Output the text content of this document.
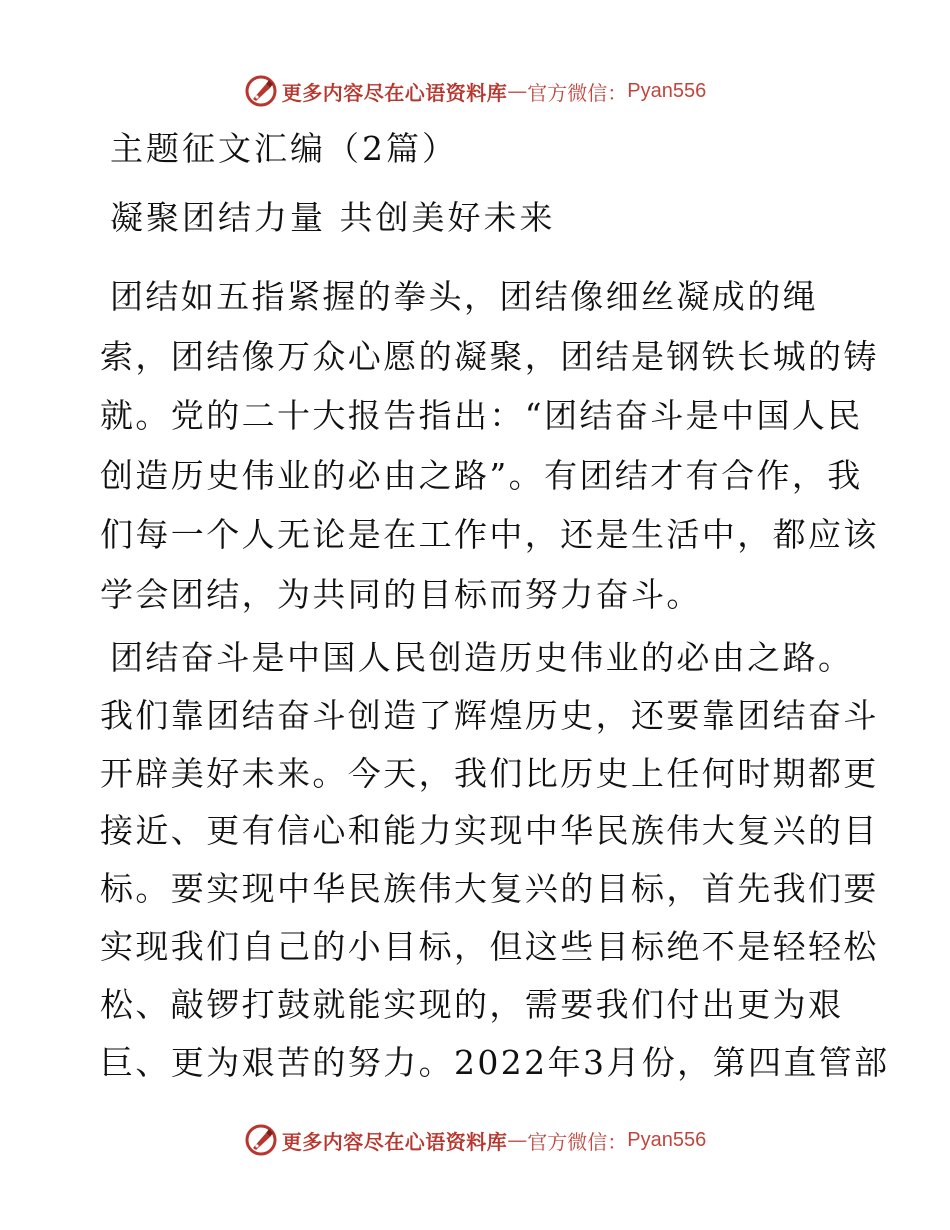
更多内容尽在心语资料库 — 官方微信： Pyan556
主题征文汇编（2篇）
凝聚团结力量 共创美好未来
团结如五指紧握的拳头，团结像细丝凝成的绳
索，团结像万众心愿的凝聚，团结是钢铁长城的铸
就。党的二十大报告指出：“团结奋斗是中国人民
创造历史伟业的必由之路”。有团结才有合作，我
们每一个人无论是在工作中，还是生活中，都应该
学会团结，为共同的目标而努力奋斗。
团结奋斗是中国人民创造历史伟业的必由之路。
我们靠团结奋斗创造了辉煌历史，还要靠团结奋斗
开辟美好未来。今天，我们比历史上任何时期都更
接近、更有信心和能力实现中华民族伟大复兴的目
标。要实现中华民族伟大复兴的目标，首先我们要
实现我们自己的小目标，但这些目标绝不是轻轻松
松、敲锣打鼓就能实现的，需要我们付出更为艰
巨、更为艰苦的努力。2022年3月份，第四直管部
更多内容尽在心语资料库 — 官方微信： Pyan556
